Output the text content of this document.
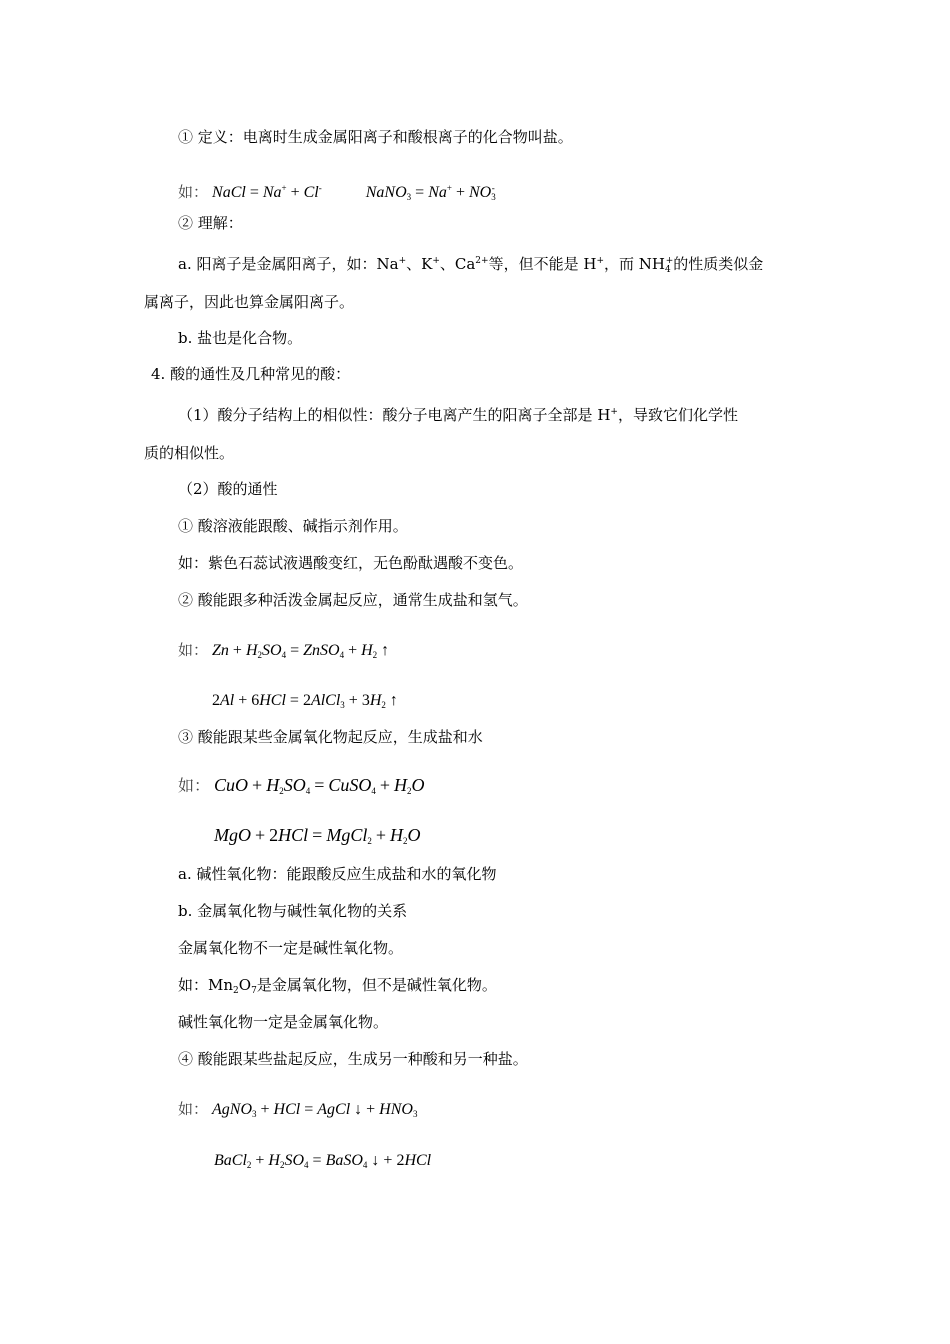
① 定义：电离时生成金属阳离子和酸根离子的化合物叫盐。
如： NaCl = Na+ + Cl-	NaNO$_3$ = $Na^+ + NO_3^-$
② 理解：
a. 阳离子是金属阳离子，如：Na+、K+、$Ca^{2+}$等，但不能是 H+，而 $NH_4^+$的性质类似金
属离子，因此也算金属阳离子。
b. 盐也是化合物。
4. 酸的通性及几种常见的酸：
（1）酸分子结构上的相似性：酸分子电离产生的阳离子全部是 H+，导致它们化学性
质的相似性。
（2）酸的通性
① 酸溶液能跟酸、碱指示剂作用。
如：紫色石蕊试液遇酸变红，无色酚酞遇酸不变色。
② 酸能跟多种活泼金属起反应，通常生成盐和氢气。
如： $Zn + H_2SO_4$ = ZnSO$_4$ + $H_2$ ↑
2Al + 6HCl = 2AlCl$_3$ + $3H_2$ ↑
③ 酸能跟某些金属氧化物起反应，生成盐和水
如： CuO + $H_2SO_4$ = CuSO$_4$ + $H_2O$
MgO + 2HCl = MgCl$_2$ + $H_2O$
a. 碱性氧化物：能跟酸反应生成盐和水的氧化物
b. 金属氧化物与碱性氧化物的关系
金属氧化物不一定是碱性氧化物。
如：$Mn_2O_7$是金属氧化物，但不是碱性氧化物。
碱性氧化物一定是金属氧化物。
④ 酸能跟某些盐起反应，生成另一种酸和另一种盐。
如： AgNO$_3$ + HCl = AgCl ↓ + $HNO_3$
BaCl$_2$ + $H_2SO_4$ = BaSO$_4$ ↓ + 2HCl
